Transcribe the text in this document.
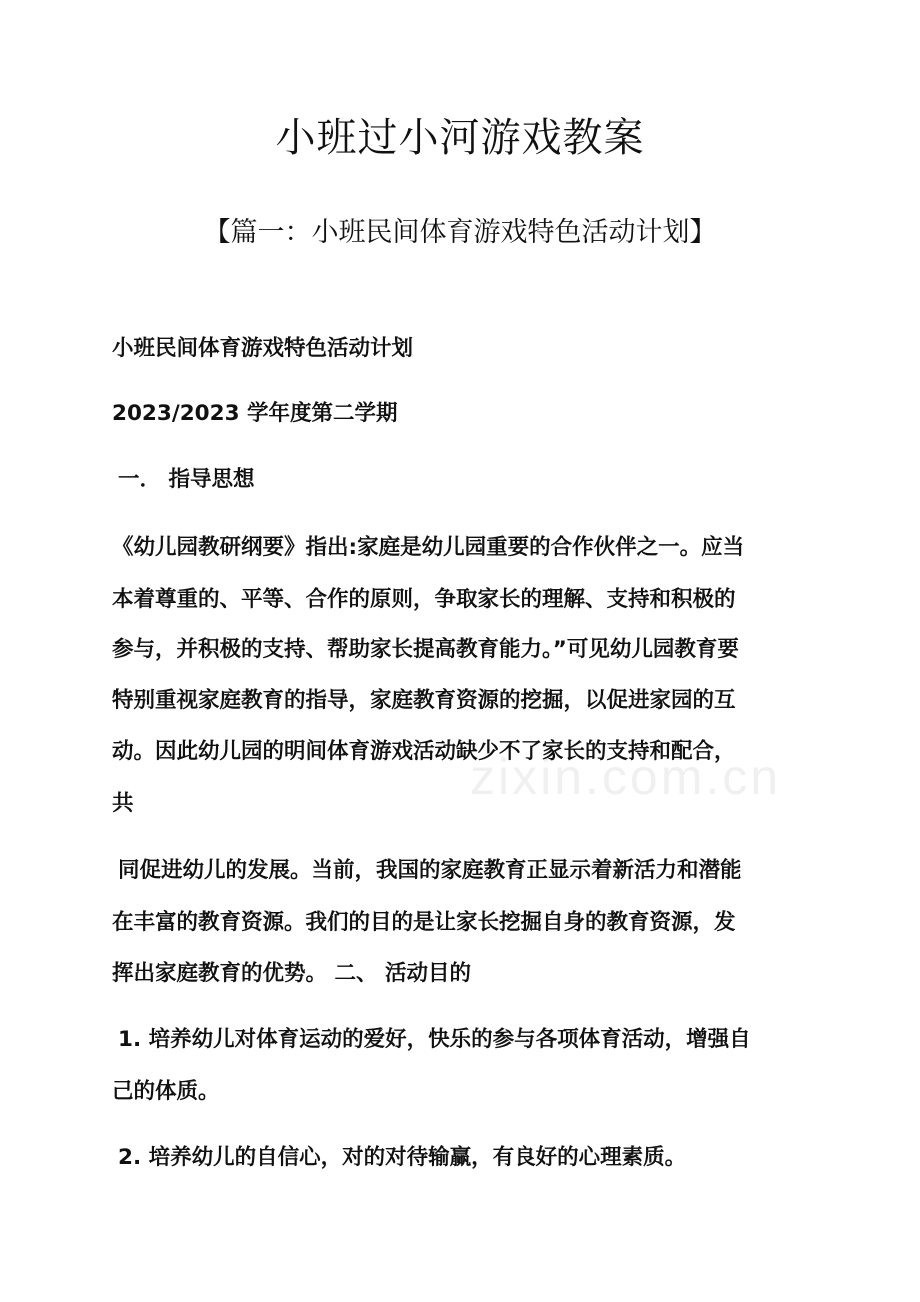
小班过小河游戏教案
【篇一：小班民间体育游戏特色活动计划】

小班民间体育游戏特色活动计划

2023/2023 学年度第二学期

一． 指导思想

《幼儿园教研纲要》指出:家庭是幼儿园重要的合作伙伴之一。应当

本着尊重的、平等、合作的原则，争取家长的理解、支持和积极的

参与，并积极的支持、帮助家长提高教育能力。”可见幼儿园教育要

特别重视家庭教育的指导，家庭教育资源的挖掘，以促进家园的互

动。因此幼儿园的明间体育游戏活动缺少不了家长的支持和配合，

共

同促进幼儿的发展。当前，我国的家庭教育正显示着新活力和潜能

在丰富的教育资源。我们的目的是让家长挖掘自身的教育资源，发

挥出家庭教育的优势。 二、 活动目的

1. 培养幼儿对体育运动的爱好，快乐的参与各项体育活动，增强自

己的体质。

2. 培养幼儿的自信心，对的对待输赢，有良好的心理素质。

zixin.com.cn
